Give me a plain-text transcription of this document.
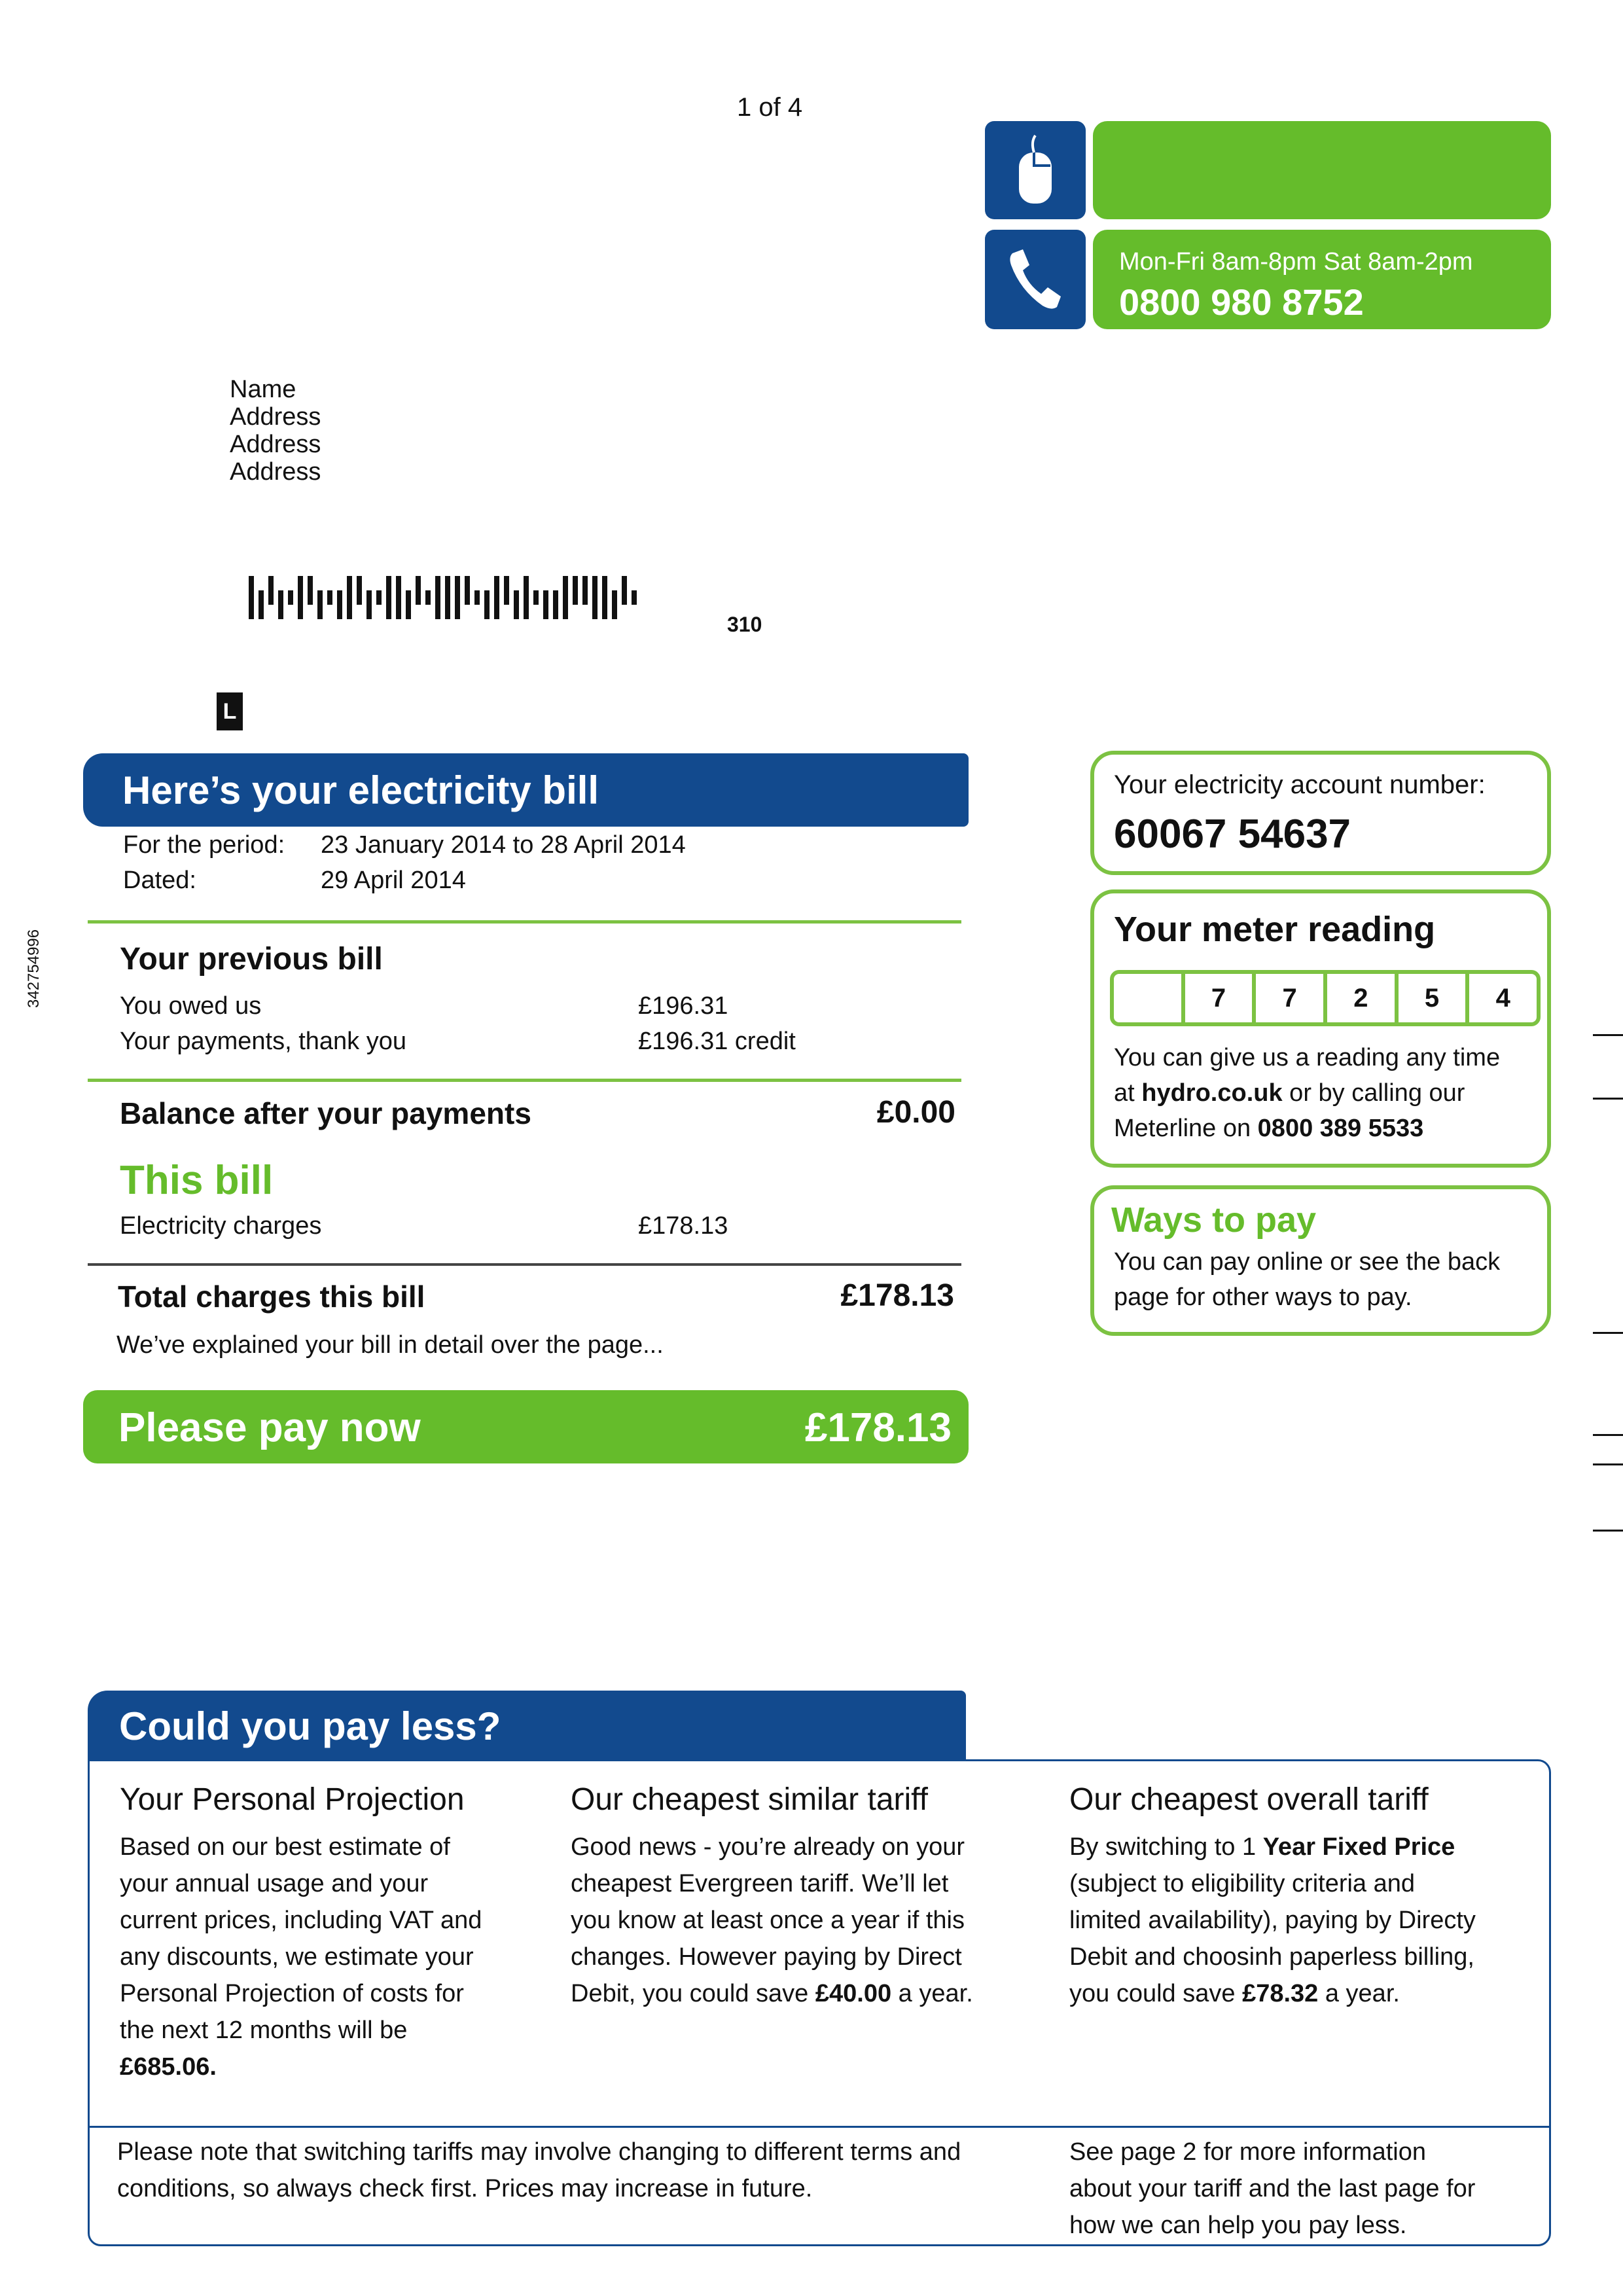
1 of 4
Mon-Fri 8am-8pm Sat 8am-2pm
0800 980 8752
Name
Address
Address
Address
310
L
342754996
Here’s your electricity bill
For the period: 23 January 2014 to 28 April 2014
Dated:	29 April 2014
Your previous bill
You owed us	£196.31
Your payments, thank you	£196.31 credit
Balance after your payments	£0.00
This bill
Electricity charges	£178.13
Total charges this bill	£178.13
We’ve explained your bill in detail over the page...
Please pay now	£178.13
Your electricity account number:
60067 54637
Your meter reading
7	7	2	5	4
You can give us a reading any time
at hydro.co.uk or by calling our
Meterline on 0800 389 5533
Ways to pay
You can pay online or see the back
page for other ways to pay.
Could you pay less?
Your Personal Projection
Based on our best estimate of
your annual usage and your
current prices, including VAT and
any discounts, we estimate your
Personal Projection of costs for
the next 12 months will be
£685.06.
Our cheapest similar tariff
Good news - you’re already on your
cheapest Evergreen tariff. We’ll let
you know at least once a year if this
changes. However paying by Direct
Debit, you could save £40.00 a year.
Our cheapest overall tariff
By switching to 1 Year Fixed Price
(subject to eligibility criteria and
limited availability), paying by Directy
Debit and choosinh paperless billing,
you could save £78.32 a year.
Please note that switching tariffs may involve changing to different terms and
conditions, so always check first. Prices may increase in future.
See page 2 for more information
about your tariff and the last page for
how we can help you pay less.
